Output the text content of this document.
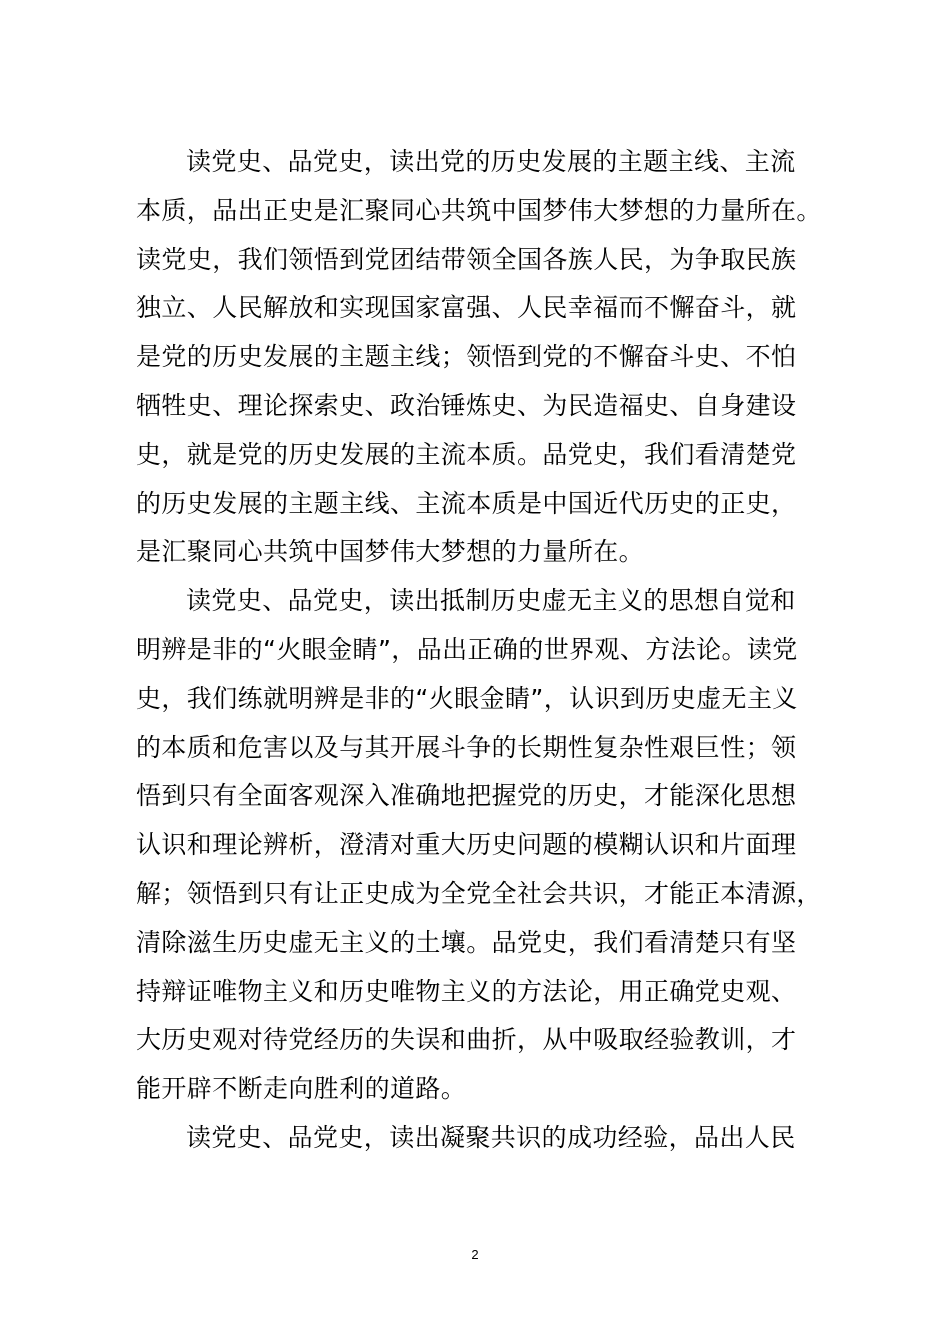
读党史、品党史，读出党的历史发展的主题主线、主流
本质，品出正史是汇聚同心共筑中国梦伟大梦想的力量所在。
读党史，我们领悟到党团结带领全国各族人民，为争取民族
独立、人民解放和实现国家富强、人民幸福而不懈奋斗，就
是党的历史发展的主题主线；领悟到党的不懈奋斗史、不怕
牺牲史、理论探索史、政治锤炼史、为民造福史、自身建设
史，就是党的历史发展的主流本质。品党史，我们看清楚党
的历史发展的主题主线、主流本质是中国近代历史的正史，
是汇聚同心共筑中国梦伟大梦想的力量所在。
读党史、品党史，读出抵制历史虚无主义的思想自觉和
明辨是非的“火眼金睛”，品出正确的世界观、方法论。读党
史，我们练就明辨是非的“火眼金睛”，认识到历史虚无主义
的本质和危害以及与其开展斗争的长期性复杂性艰巨性；领
悟到只有全面客观深入准确地把握党的历史，才能深化思想
认识和理论辨析，澄清对重大历史问题的模糊认识和片面理
解；领悟到只有让正史成为全党全社会共识，才能正本清源，
清除滋生历史虚无主义的土壤。品党史，我们看清楚只有坚
持辩证唯物主义和历史唯物主义的方法论，用正确党史观、
大历史观对待党经历的失误和曲折，从中吸取经验教训，才
能开辟不断走向胜利的道路。
读党史、品党史，读出凝聚共识的成功经验，品出人民
2
